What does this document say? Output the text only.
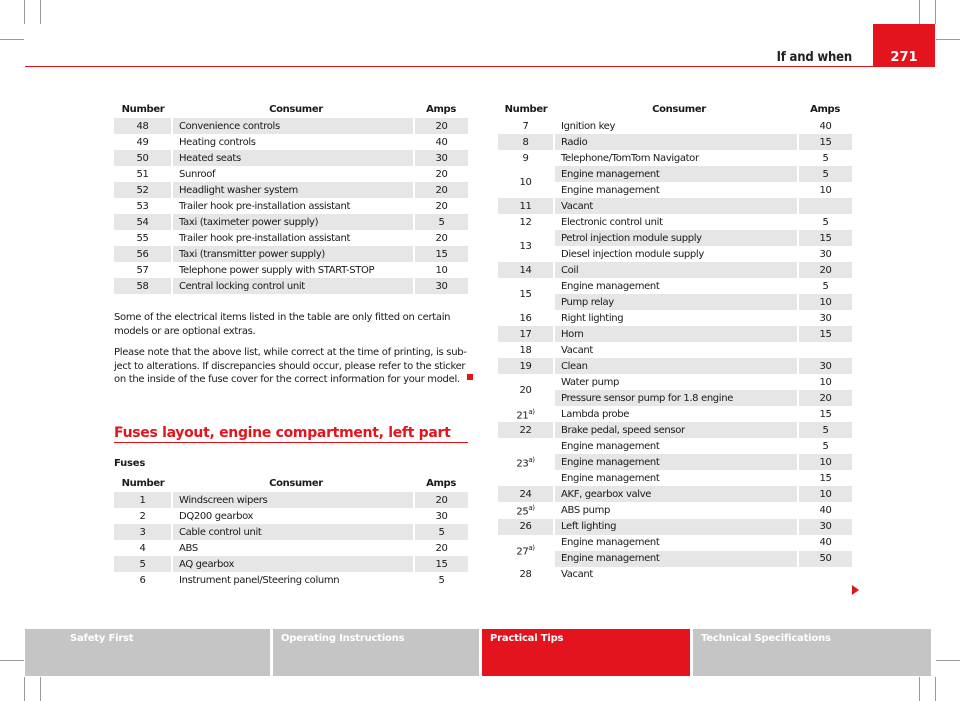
If and when	271
Number	Consumer	Amps
48	Convenience controls	20
49	Heating controls	40
50	Heated seats	30
51	Sunroof	20
52	Headlight washer system	20
53	Trailer hook pre-installation assistant	20
54	Taxi (taximeter power supply)	5
55	Trailer hook pre-installation assistant	20
56	Taxi (transmitter power supply)	15
57	Telephone power supply with START-STOP	10
58	Central locking control unit	30
Some of the electrical items listed in the table are only fitted on certain models or are optional extras.
Please note that the above list, while correct at the time of printing, is sub-ject to alterations. If discrepancies should occur, please refer to the sticker on the inside of the fuse cover for the correct information for your model.
Fuses layout, engine compartment, left part
Fuses
Number	Consumer	Amps
1	Windscreen wipers	20
2	DQ200 gearbox	30
3	Cable control unit	5
4	ABS	20
5	AQ gearbox	15
6	Instrument panel/Steering column	5
Number	Consumer	Amps
7	Ignition key	40
8	Radio	15
9	Telephone/TomTom Navigator	5
10	Engine management	5
	Engine management	10
11	Vacant	
12	Electronic control unit	5
13	Petrol injection module supply	15
	Diesel injection module supply	30
14	Coil	20
15	Engine management	5
	Pump relay	10
16	Right lighting	30
17	Horn	15
18	Vacant	
19	Clean	30
20	Water pump	10
	Pressure sensor pump for 1.8 engine	20
21$^{a)}$	Lambda probe	15
22	Brake pedal, speed sensor	5
23$^{a)}$	Engine management	5
	Engine management	10
	Engine management	15
24	AKF, gearbox valve	10
25$^{a)}$	ABS pump	40
26	Left lighting	30
27$^{a)}$	Engine management	40
	Engine management	50
28	Vacant	
Safety First	Operating Instructions	Practical Tips	Technical Specifications
